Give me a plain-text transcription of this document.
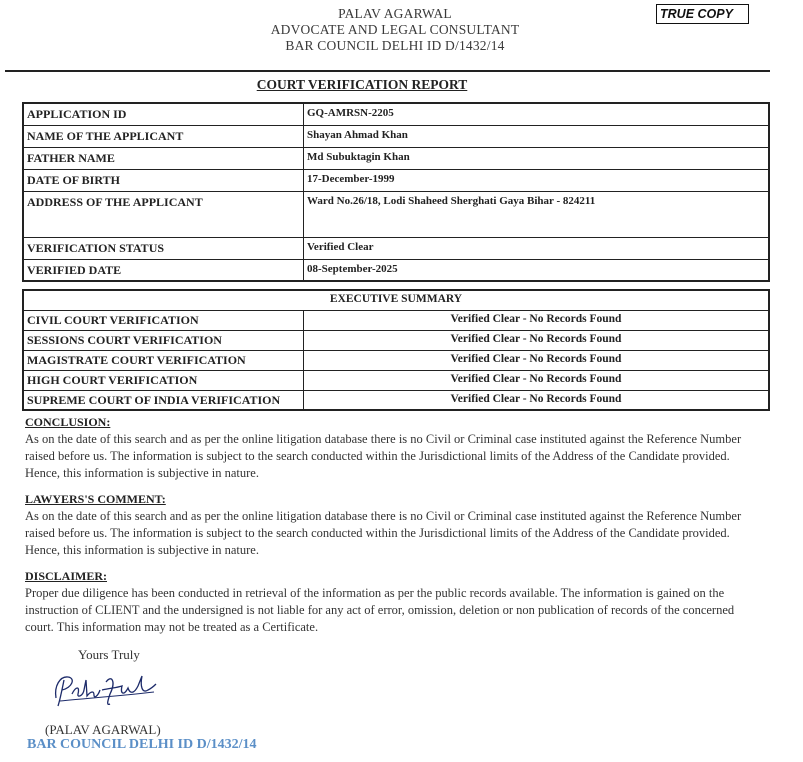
PALAV AGARWAL
ADVOCATE AND LEGAL CONSULTANT
BAR COUNCIL DELHI ID D/1432/14
TRUE COPY
COURT VERIFICATION REPORT
APPLICATION ID	GQ-AMRSN-2205
NAME OF THE APPLICANT	Shayan Ahmad Khan
FATHER NAME	Md Subuktagin Khan
DATE OF BIRTH	17-December-1999
ADDRESS OF THE APPLICANT	Ward No.26/18, Lodi Shaheed Sherghati Gaya Bihar - 824211
VERIFICATION STATUS	Verified Clear
VERIFIED DATE	08-September-2025
EXECUTIVE SUMMARY	
CIVIL COURT VERIFICATION	Verified Clear - No Records Found
SESSIONS COURT VERIFICATION	Verified Clear - No Records Found
MAGISTRATE COURT VERIFICATION	Verified Clear - No Records Found
HIGH COURT VERIFICATION	Verified Clear - No Records Found
SUPREME COURT OF INDIA VERIFICATION	Verified Clear - No Records Found
CONCLUSION:
As on the date of this search and as per the online litigation database there is no Civil or Criminal case instituted against the Reference Number raised before us. The information is subject to the search conducted within the Jurisdictional limits of the Address of the Candidate provided. Hence, this information is subjective in nature.
LAWYERS'S COMMENT:
As on the date of this search and as per the online litigation database there is no Civil or Criminal case instituted against the Reference Number raised before us. The information is subject to the search conducted within the Jurisdictional limits of the Address of the Candidate provided. Hence, this information is subjective in nature.
DISCLAIMER:
Proper due diligence has been conducted in retrieval of the information as per the public records available. The information is gained on the instruction of CLIENT and the undersigned is not liable for any act of error, omission, deletion or non publication of records of the concerned court. This information may not be treated as a Certificate.
Yours Truly
(PALAV AGARWAL)
BAR COUNCIL DELHI ID D/1432/14
